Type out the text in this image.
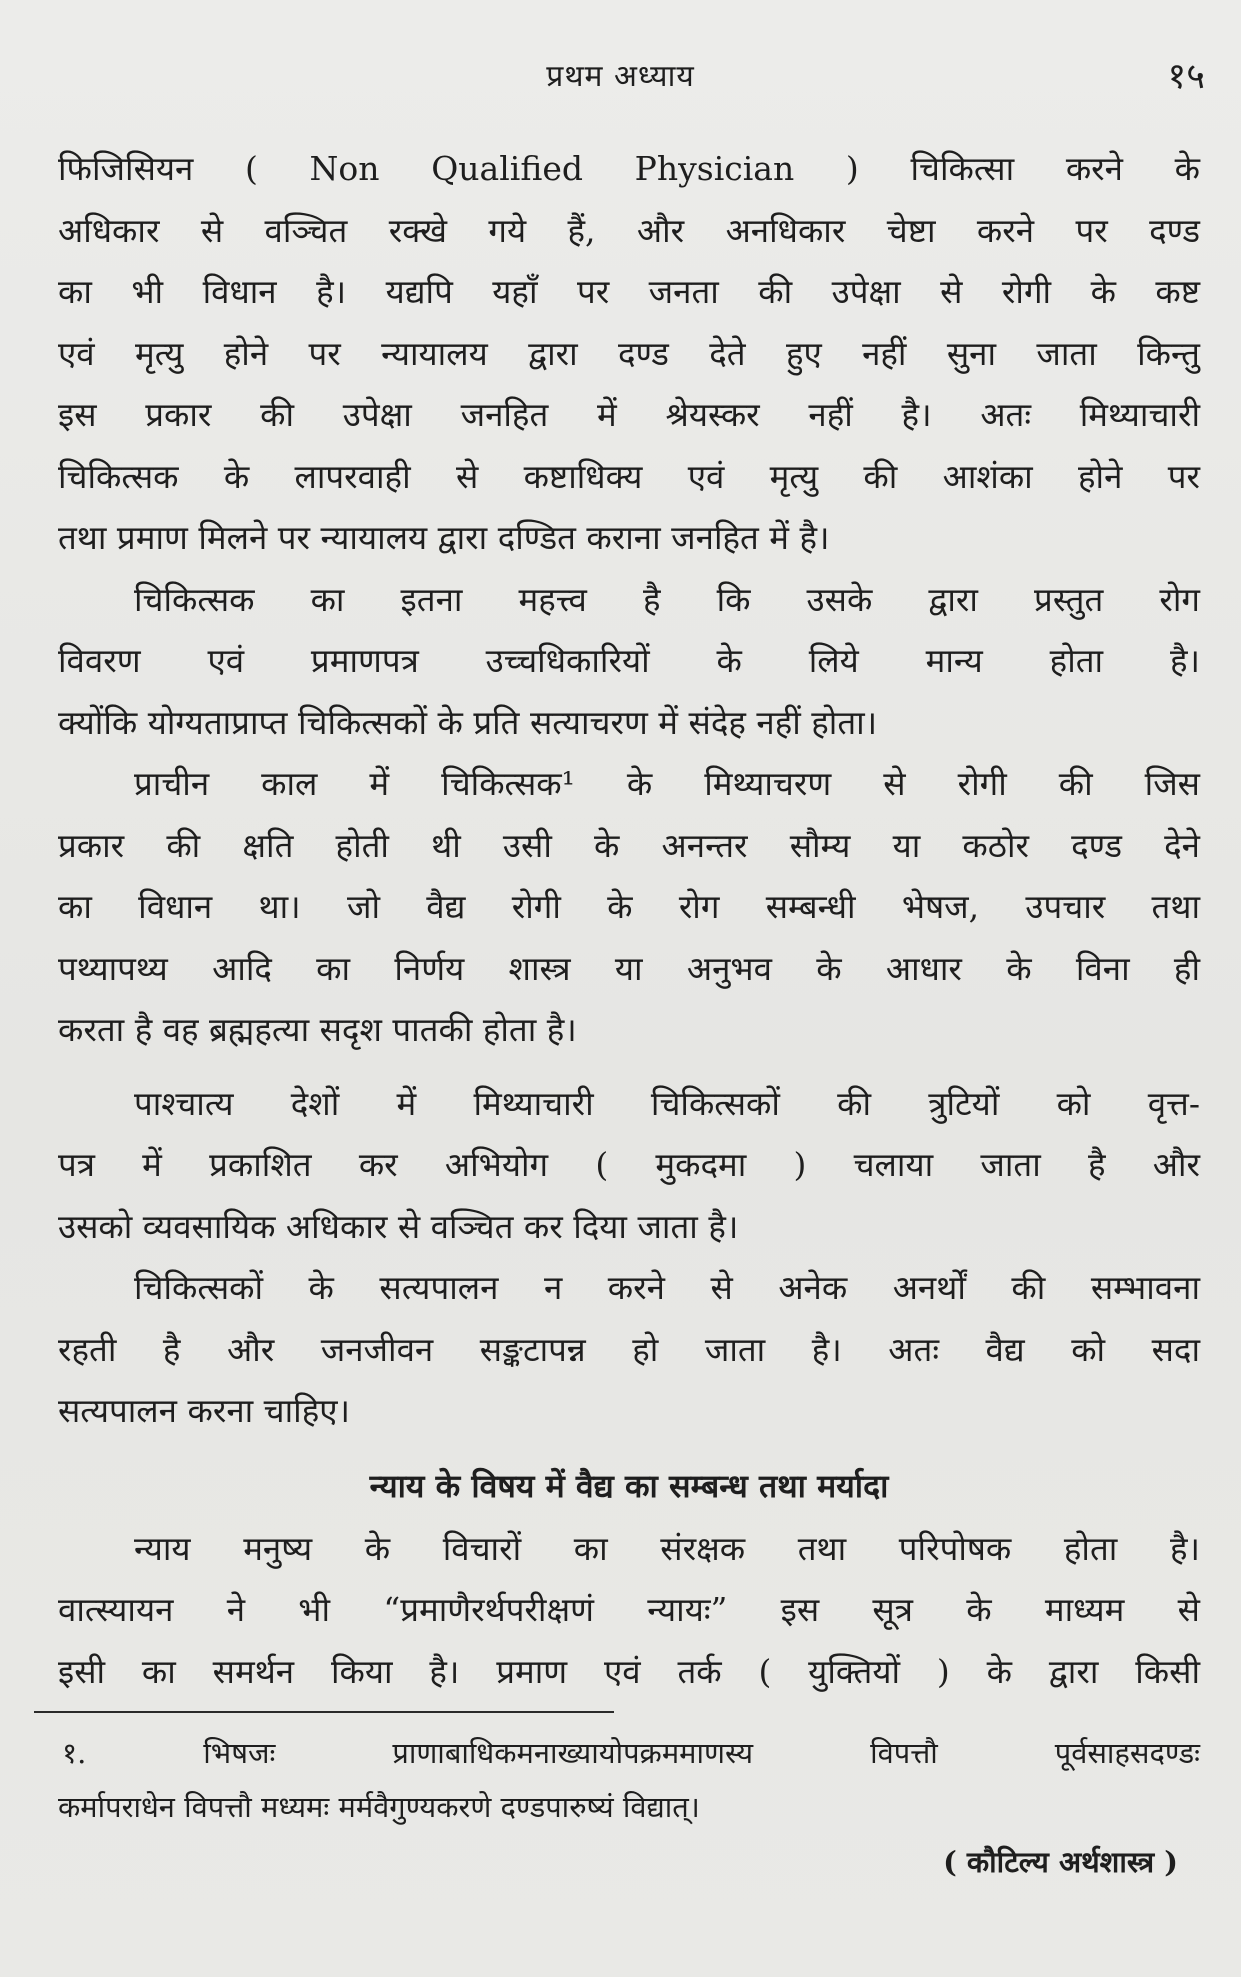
प्रथम अध्याय	१५
फिजिसियन ( Non Qualified Physician ) चिकित्सा करने के
अधिकार से वञ्चित रक्खे गये हैं, और अनधिकार चेष्टा करने पर दण्ड
का भी विधान है। यद्यपि यहाँ पर जनता की उपेक्षा से रोगी के कष्ट
एवं मृत्यु होने पर न्यायालय द्वारा दण्ड देते हुए नहीं सुना जाता किन्तु
इस प्रकार की उपेक्षा जनहित में श्रेयस्कर नहीं है। अतः मिथ्याचारी
चिकित्सक के लापरवाही से कष्टाधिक्य एवं मृत्यु की आशंका होने पर
तथा प्रमाण मिलने पर न्यायालय द्वारा दण्डित कराना जनहित में है।
चिकित्सक का इतना महत्त्व है कि उसके द्वारा प्रस्तुत रोग
विवरण एवं प्रमाणपत्र उच्चधिकारियों के लिये मान्य होता है।
क्योंकि योग्यताप्राप्त चिकित्सकों के प्रति सत्याचरण में संदेह नहीं होता।
प्राचीन काल में चिकित्सक¹ के मिथ्याचरण से रोगी की जिस
प्रकार की क्षति होती थी उसी के अनन्तर सौम्य या कठोर दण्ड देने
का विधान था। जो वैद्य रोगी के रोग सम्बन्धी भेषज, उपचार तथा
पथ्यापथ्य आदि का निर्णय शास्त्र या अनुभव के आधार के विना ही
करता है वह ब्रह्महत्या सदृश पातकी होता है।
पाश्चात्य देशों में मिथ्याचारी चिकित्सकों की त्रुटियों को वृत्त-
पत्र में प्रकाशित कर अभियोग ( मुकदमा ) चलाया जाता है और
उसको व्यवसायिक अधिकार से वञ्चित कर दिया जाता है।
चिकित्सकों के सत्यपालन न करने से अनेक अनर्थों की सम्भावना
रहती है और जनजीवन सङ्कटापन्न हो जाता है। अतः वैद्य को सदा
सत्यपालन करना चाहिए।
न्याय के विषय में वैद्य का सम्बन्ध तथा मर्यादा
न्याय मनुष्य के विचारों का संरक्षक तथा परिपोषक होता है।
वात्स्यायन ने भी “प्रमाणैरर्थपरीक्षणं न्यायः” इस सूत्र के माध्यम से
इसी का समर्थन किया है। प्रमाण एवं तर्क ( युक्तियों ) के द्वारा किसी
१. भिषजः प्राणाबाधिकमनाख्यायोपक्रममाणस्य विपत्तौ पूर्वसाहसदण्डः
कर्मापराधेन विपत्तौ मध्यमः मर्मवैगुण्यकरणे दण्डपारुष्यं विद्यात्।
( कौटिल्य अर्थशास्त्र )
